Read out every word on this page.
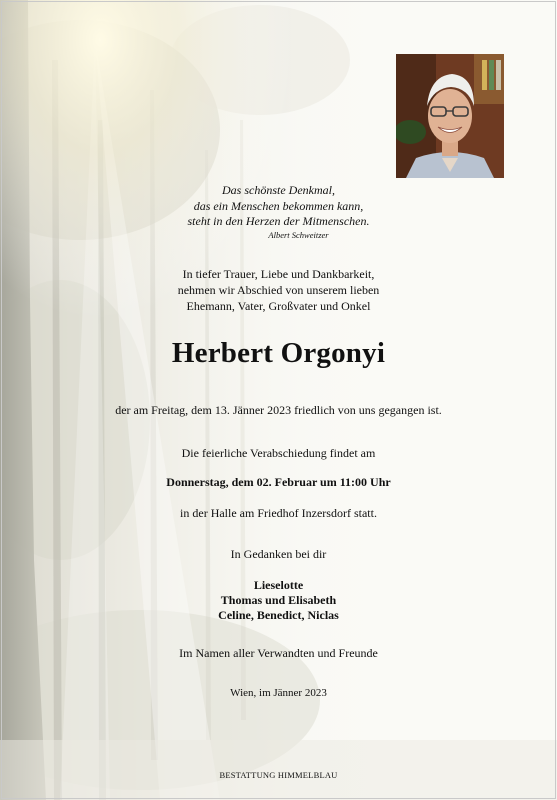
Das schönste Denkmal,
das ein Menschen bekommen kann,
steht in den Herzen der Mitmenschen.
Albert Schweitzer
In tiefer Trauer, Liebe und Dankbarkeit,
nehmen wir Abschied von unserem lieben
Ehemann, Vater, Großvater und Onkel
Herbert Orgonyi
der am Freitag, dem 13. Jänner 2023 friedlich von uns gegangen ist.
Die feierliche Verabschiedung findet am
Donnerstag, dem 02. Februar um 11:00 Uhr
in der Halle am Friedhof Inzersdorf statt.
In Gedanken bei dir
Lieselotte
Thomas und Elisabeth
Celine, Benedict, Niclas
Im Namen aller Verwandten und Freunde
Wien, im Jänner 2023
BESTATTUNG HIMMELBLAU
